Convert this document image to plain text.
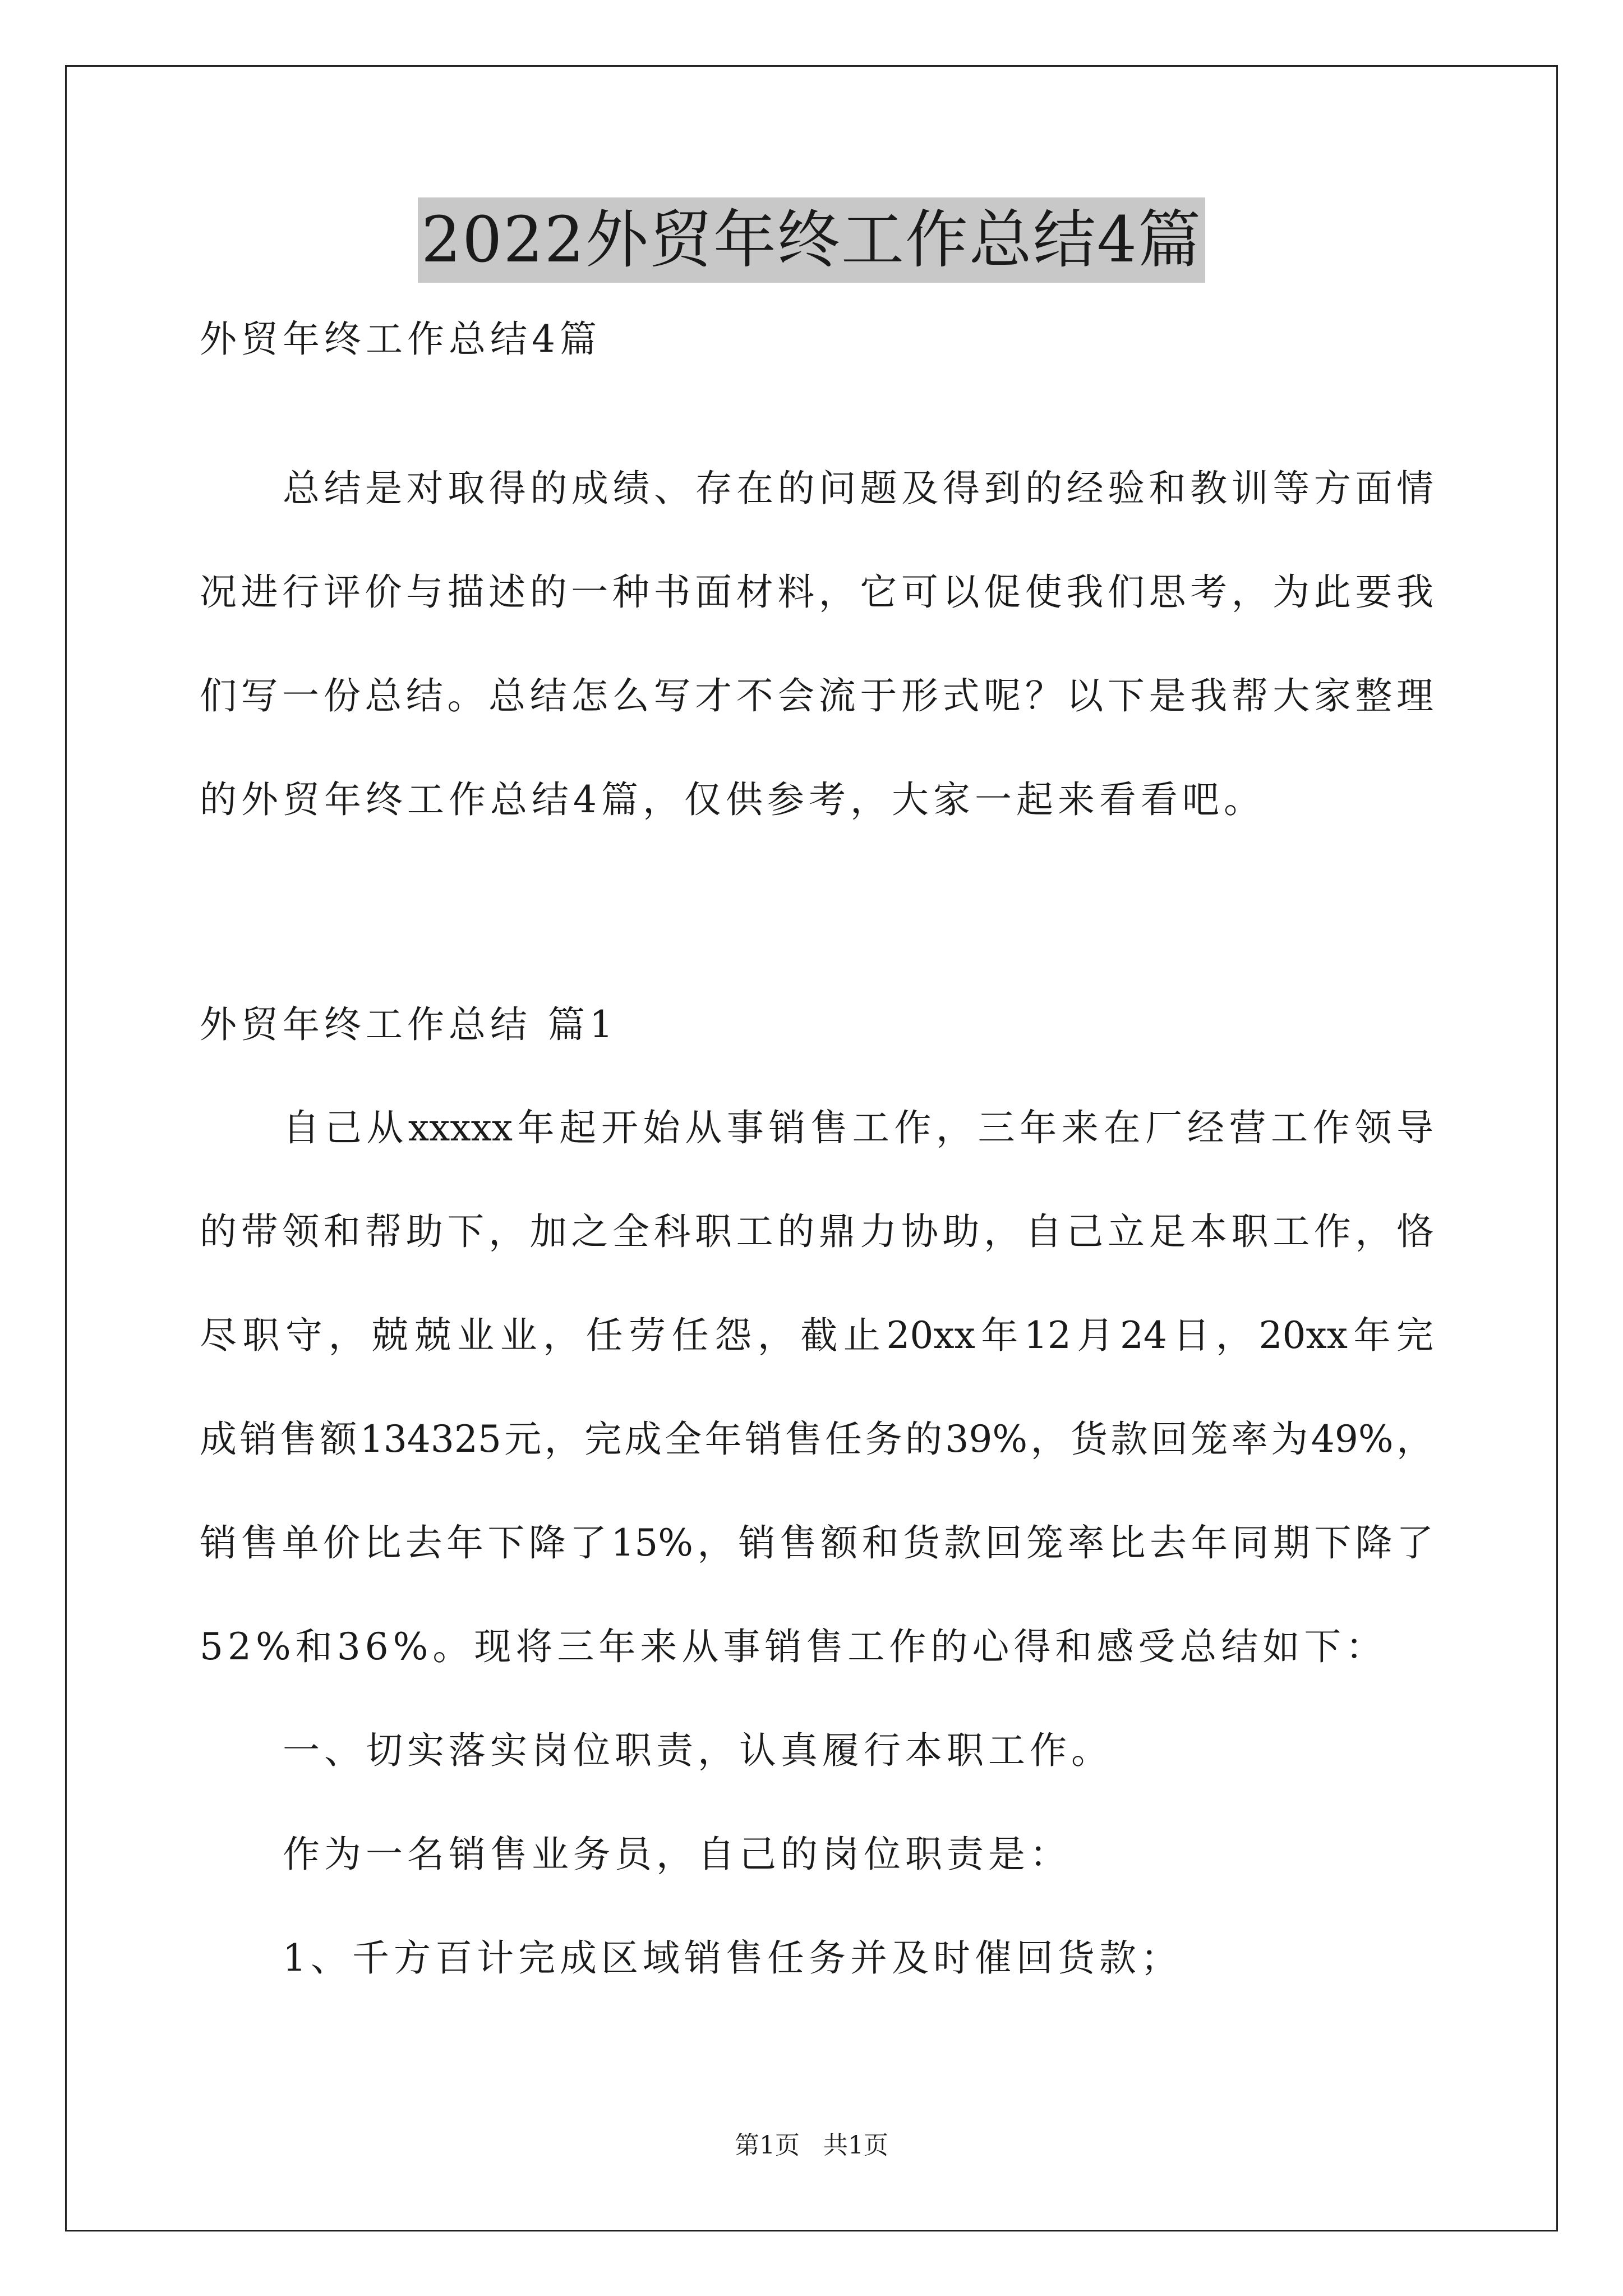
2022外贸年终工作总结4篇
外贸年终工作总结4篇
总结是对取得的成绩、存在的问题及得到的经验和教训等方面情
况进行评价与描述的一种书面材料，它可以促使我们思考，为此要我
们写一份总结。总结怎么写才不会流于形式呢？以下是我帮大家整理
的外贸年终工作总结4篇，仅供参考，大家一起来看看吧。
外贸年终工作总结 篇1
自己从xxxxx年起开始从事销售工作，三年来在厂经营工作领导
的带领和帮助下，加之全科职工的鼎力协助，自己立足本职工作，恪
尽职守，兢兢业业，任劳任怨，截止20xx年12月24日，20xx年完
成销售额134325元，完成全年销售任务的39%，货款回笼率为49%，
销售单价比去年下降了15%，销售额和货款回笼率比去年同期下降了
52%和36%。现将三年来从事销售工作的心得和感受总结如下：
一、切实落实岗位职责，认真履行本职工作。
作为一名销售业务员，自己的岗位职责是：
1、千方百计完成区域销售任务并及时催回货款；
第1页   共1页
